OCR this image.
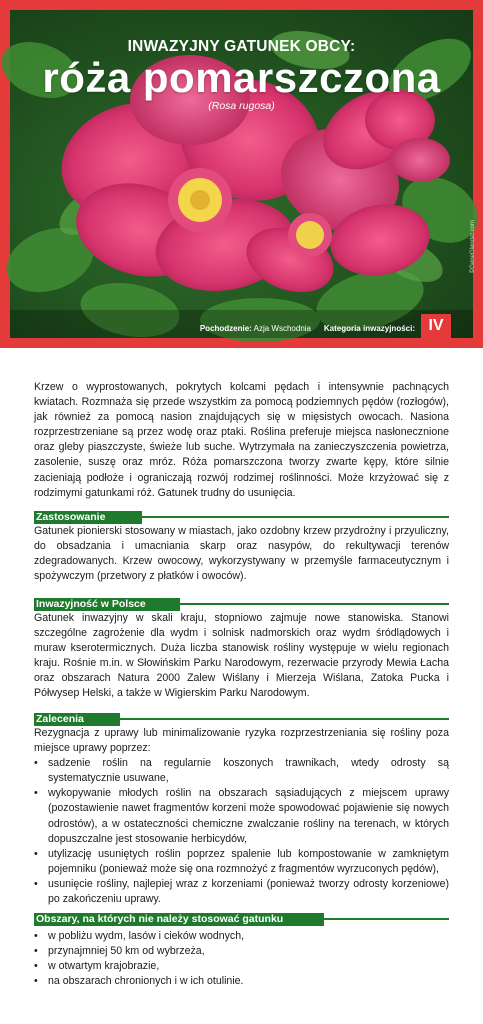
INWAZYJNY GATUNEK OBCY:
róża pomarszczona
(Rosa rugosa)
Pochodzenie: Azja Wschodnia Kategoria inwazyjności: IV
©GeneGlender.com
Krzew o wyprostowanych, pokrytych kolcami pędach i intensywnie pachnących kwiatach. Rozmnaża się przede wszystkim za pomocą podziemnych pędów (rozłogów), jak również za pomocą nasion znajdujących się w mięsistych owocach. Nasiona rozprzestrzeniane są przez wodę oraz ptaki. Roślina preferuje miejsca nasłonecznione oraz gleby piaszczyste, świeże lub suche. Wytrzymała na zanieczyszczenia powietrza, zasolenie, suszę oraz mróz. Róża pomarszczona tworzy zwarte kępy, które silnie zacieniają podłoże i ograniczają rozwój rodzimej roślinności. Może krzyżować się z rodzimymi gatunkami róż. Gatunek trudny do usunięcia.
Zastosowanie
Gatunek pionierski stosowany w miastach, jako ozdobny krzew przydrożny i przyuliczny, do obsadzania i umacniania skarp oraz nasypów, do rekultywacji terenów zdegradowanych. Krzew owocowy, wykorzystywany w przemyśle farmaceutycznym i spożywczym (przetwory z płatków i owoców).
Inwazyjność w Polsce
Gatunek inwazyjny w skali kraju, stopniowo zajmuje nowe stanowiska. Stanowi szczególne zagrożenie dla wydm i solnisk nadmorskich oraz wydm śródlądowych i muraw kserotermicznych. Duża liczba stanowisk rośliny występuje w wielu regionach kraju. Rośnie m.in. w Słowińskim Parku Narodowym, rezerwacie przyrody Mewia Łacha oraz obszarach Natura 2000 Zalew Wiślany i Mierzeja Wiślana, Zatoka Pucka i Półwysep Helski, a także w Wigierskim Parku Narodowym.
Zalecenia
Rezygnacja z uprawy lub minimalizowanie ryzyka rozprzestrzeniania się rośliny poza miejsce uprawy poprzez:
• sadzenie roślin na regularnie koszonych trawnikach, wtedy odrosty są systematycznie usuwane,
• wykopywanie młodych roślin na obszarach sąsiadujących z miejscem uprawy (pozostawienie nawet fragmentów korzeni może spowodować pojawienie się nowych odrostów), a w ostateczności chemiczne zwalczanie rośliny na terenach, w których dopuszczalne jest stosowanie herbicydów,
• utylizację usuniętych roślin poprzez spalenie lub kompostowanie w zamkniętym pojemniku (ponieważ może się ona rozmnożyć z fragmentów wyrzuconych pędów),
• usunięcie rośliny, najlepiej wraz z korzeniami (ponieważ tworzy odrosty korzeniowe) po zakończeniu uprawy.
Obszary, na których nie należy stosować gatunku
• w pobliżu wydm, lasów i cieków wodnych,
• przynajmniej 50 km od wybrzeża,
• w otwartym krajobrazie,
• na obszarach chronionych i w ich otulinie.
